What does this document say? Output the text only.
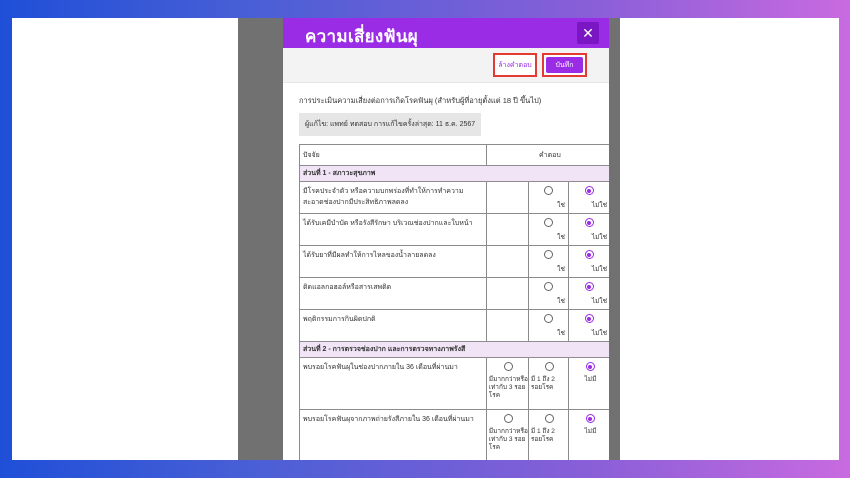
ความเสี่ยงฟันผุ	✕
ล้างคำตอบ	บันทึก
การประเมินความเสี่ยงต่อการเกิดโรคฟันผุ (สำหรับผู้ที่อายุตั้งแต่ 18 ปี ขึ้นไป)
ผู้แก้ไข: แพทย์ ทดสอบ การแก้ไขครั้งล่าสุด: 11 ธ.ค. 2567
ปัจจัย	คำตอบ		
ส่วนที่ 1 - สภาวะสุขภาพ			
มีโรคประจำตัว หรือความบกพร่องที่ทำให้การทำความสะอาดช่องปากมีประสิทธิภาพลดลง		ใช่	ไม่ใช่

ได้รับเคมีบำบัด หรือรังสีรักษา บริเวณช่องปากและใบหน้า		ใช่	ไม่ใช่

ได้รับยาที่มีผลทำให้การไหลของน้ำลายลดลง		ใช่	ไม่ใช่

ติดแอลกอฮอล์หรือสารเสพติด		ใช่	ไม่ใช่

พฤติกรรมการกินผิดปกติ		ใช่	ไม่ใช่

ส่วนที่ 2 - การตรวจช่องปาก และการตรวจทางภาพรังสี			
พบรอยโรคฟันผุในช่องปากภายใน 36 เดือนที่ผ่านมา	มีมากกว่าหรือเท่ากับ 3 รอยโรค	มี 1 ถึง 2 รอยโรค	ไม่มี

พบรอยโรคฟันผุจากภาพถ่ายรังสีภายใน 36 เดือนที่ผ่านมา	มีมากกว่าหรือเท่ากับ 3 รอยโรค	มี 1 ถึง 2 รอยโรค	ไม่มี
